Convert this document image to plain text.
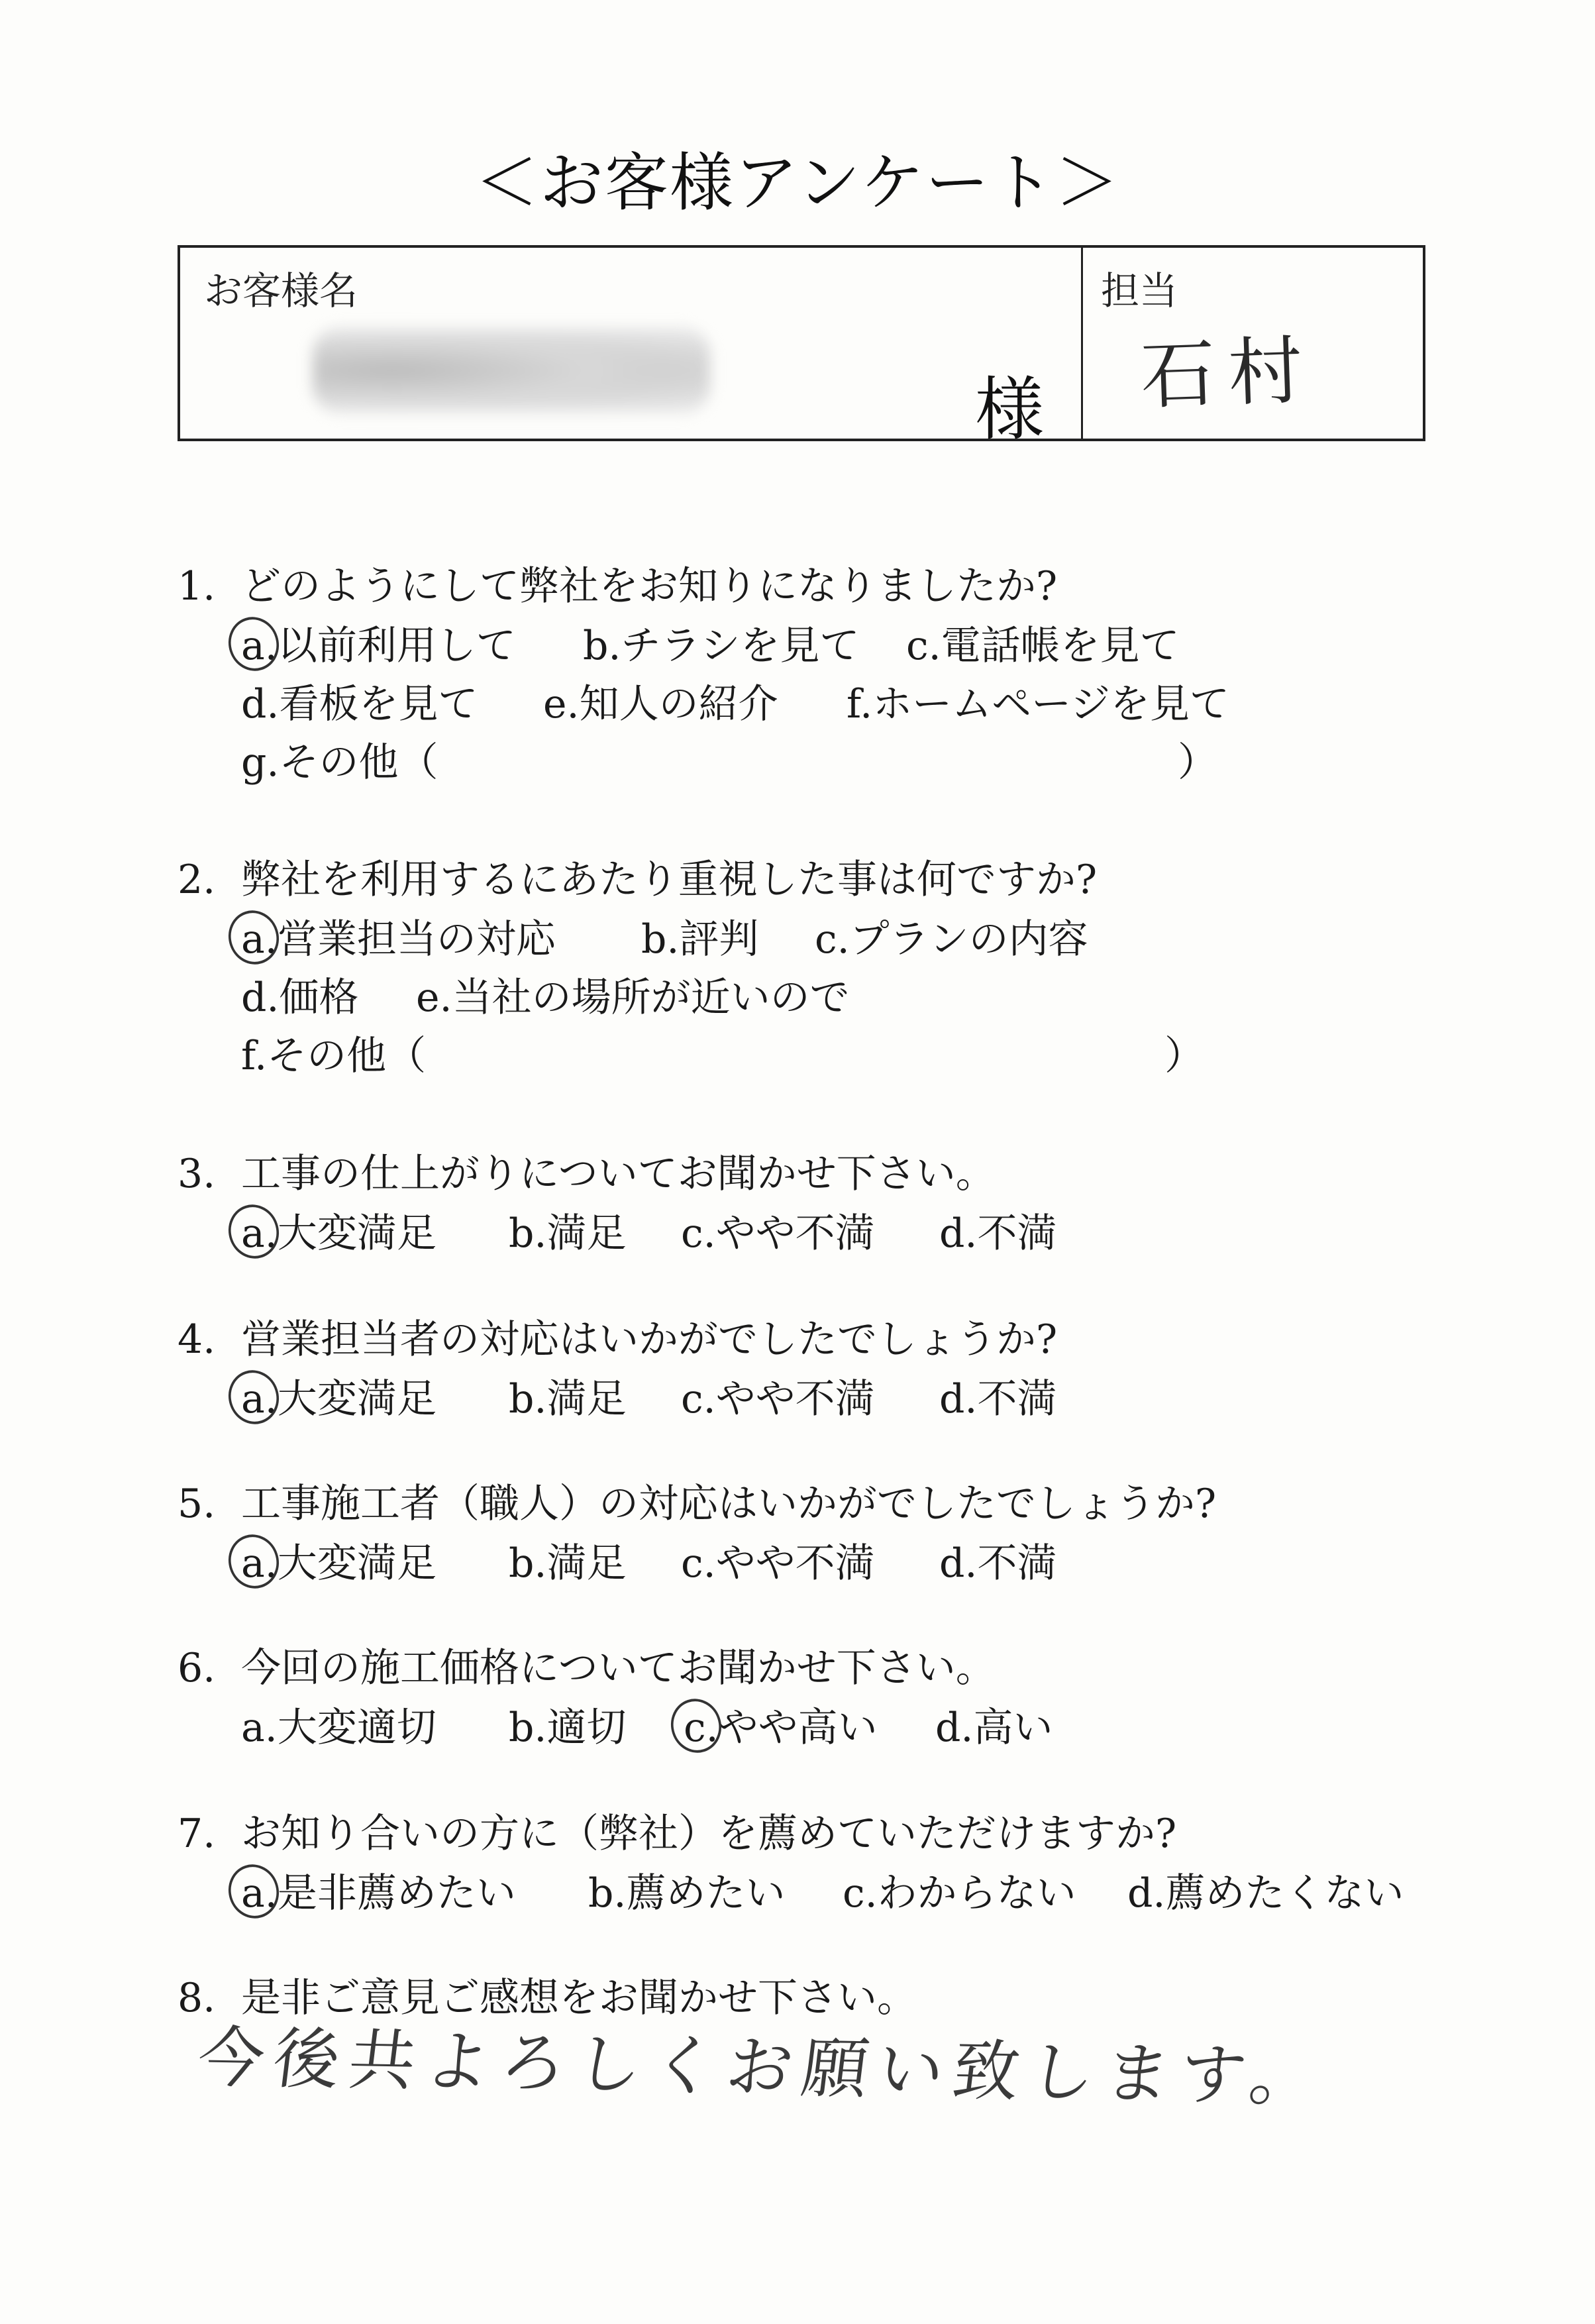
＜お客様アンケート＞
お客様名
様
担当
石村
1. どのようにして弊社をお知りになりましたか?
a.以前利用して b.チラシを見て c.電話帳を見て
d.看板を見て e.知人の紹介 f.ホームページを見て
g.その他（	）
2. 弊社を利用するにあたり重視した事は何ですか?
a.営業担当の対応 b.評判 c.プランの内容
d.価格 e.当社の場所が近いので
f.その他（	）
3. 工事の仕上がりについてお聞かせ下さい。
a.大変満足 b.満足 c.やや不満 d.不満
4. 営業担当者の対応はいかがでしたでしょうか?
a.大変満足 b.満足 c.やや不満 d.不満
5. 工事施工者（職人）の対応はいかがでしたでしょうか?
a.大変満足 b.満足 c.やや不満 d.不満
6. 今回の施工価格についてお聞かせ下さい。
a.大変適切 b.適切 c.やや高い d.高い
7. お知り合いの方に（弊社）を薦めていただけますか?
a.是非薦めたい b.薦めたい c.わからない d.薦めたくない
8. 是非ご意見ご感想をお聞かせ下さい。
今後共よろしくお願い致します。
